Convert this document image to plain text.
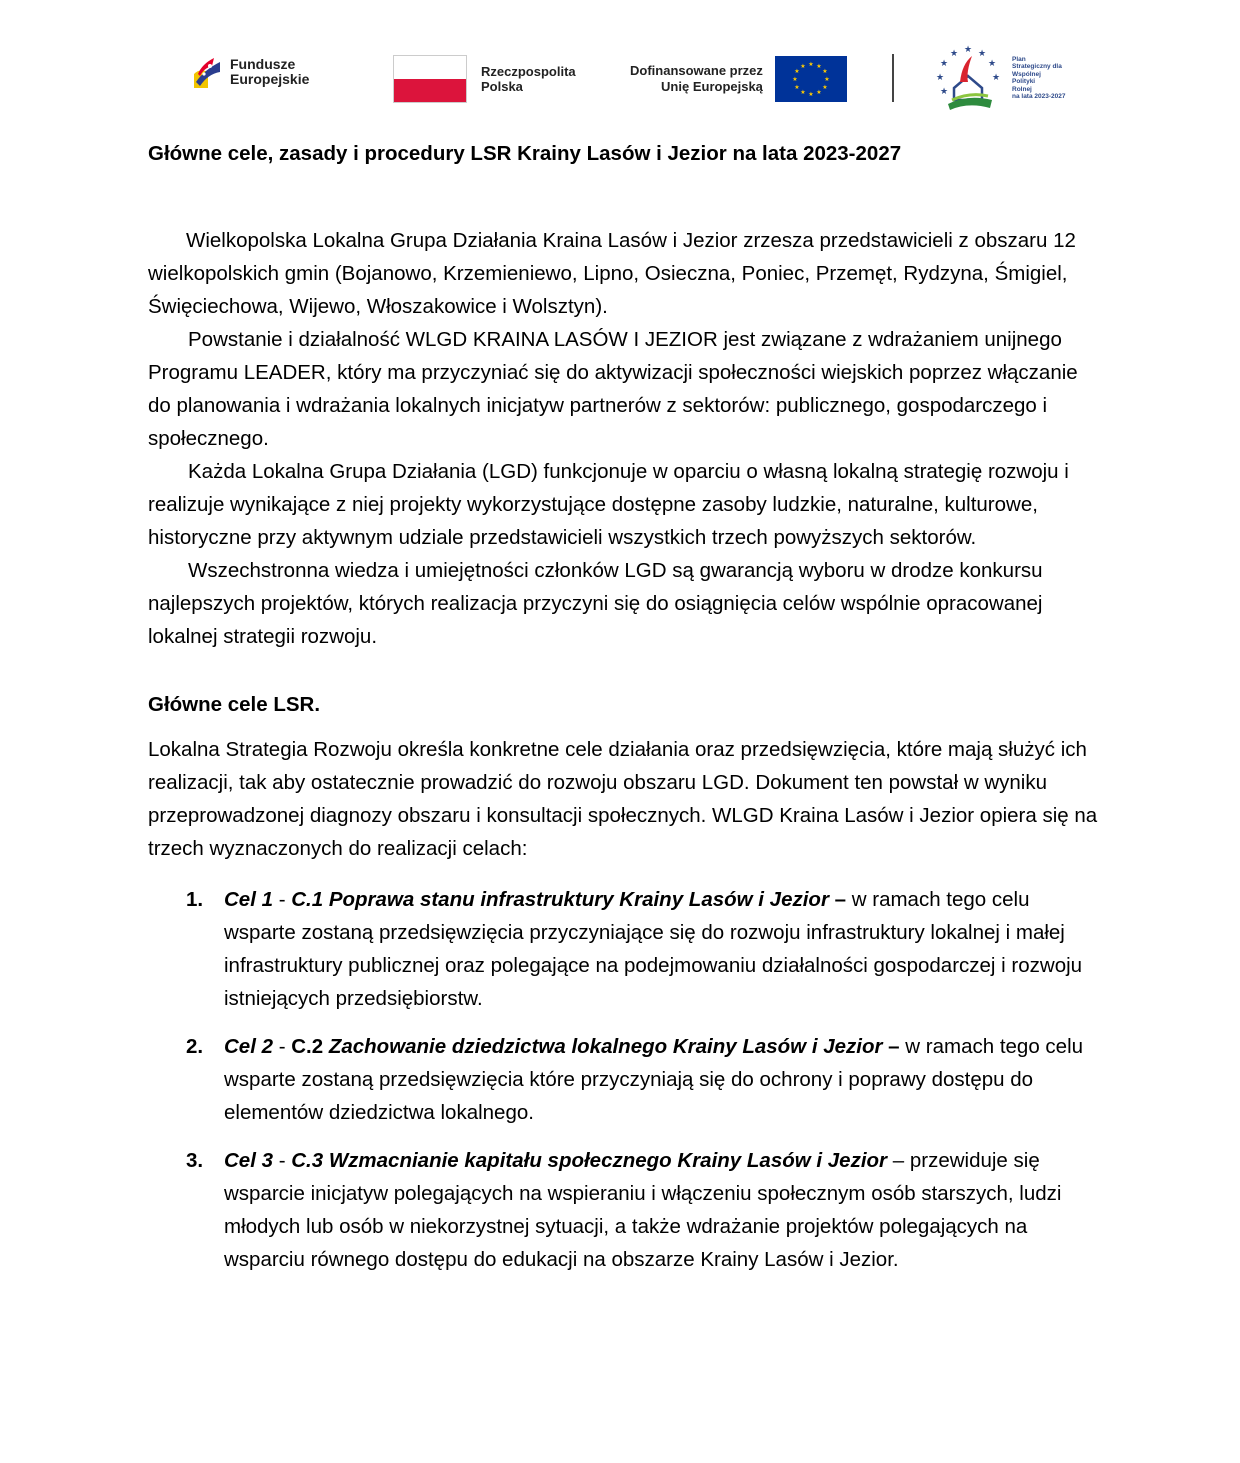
Fundusze
Europejskie	Rzeczpospolita
Polska
Dofinansowane przez
Unię Europejską
★ ★
★
★
★
★
★
★
★
★
★
★
★ ★
★
★
★
★
★
★
Plan
Strategiczny dla
Wspólnej
Polityki
Rolnej
na lata 2023-2027
Główne cele, zasady i procedury LSR Krainy Lasów i Jezior na lata 2023-2027

Wielkopolska Lokalna Grupa Działania Kraina Lasów i Jezior zrzesza przedstawicieli z obszaru 12 wielkopolskich gmin (Bojanowo, Krzemieniewo, Lipno, Osieczna, Poniec, Przemęt, Rydzyna, Śmigiel, Święciechowa, Wijewo, Włoszakowice i Wolsztyn).

Powstanie i działalność WLGD KRAINA LASÓW I JEZIOR jest związane z wdrażaniem unijnego Programu LEADER, który ma przyczyniać się do aktywizacji społeczności wiejskich poprzez włączanie do planowania i wdrażania lokalnych inicjatyw partnerów z sektorów: publicznego, gospodarczego i społecznego.

Każda Lokalna Grupa Działania (LGD) funkcjonuje w oparciu o własną lokalną strategię rozwoju i realizuje wynikające z niej projekty wykorzystujące dostępne zasoby ludzkie, naturalne, kulturowe, historyczne przy aktywnym udziale przedstawicieli wszystkich trzech powyższych sektorów.

Wszechstronna wiedza i umiejętności członków LGD są gwarancją wyboru w drodze konkursu najlepszych projektów, których realizacja przyczyni się do osiągnięcia celów wspólnie opracowanej lokalnej strategii rozwoju.

Główne cele LSR.

Lokalna Strategia Rozwoju określa konkretne cele działania oraz przedsięwzięcia, które mają służyć ich realizacji, tak aby ostatecznie prowadzić do rozwoju obszaru LGD. Dokument ten powstał w wyniku przeprowadzonej diagnozy obszaru i konsultacji społecznych. WLGD Kraina Lasów i Jezior opiera się na trzech wyznaczonych do realizacji celach:

1. Cel 1 - C.1 Poprawa stanu infrastruktury Krainy Lasów i Jezior – w ramach tego celu wsparte zostaną przedsięwzięcia przyczyniające się do rozwoju infrastruktury lokalnej i małej infrastruktury publicznej oraz polegające na podejmowaniu działalności gospodarczej i rozwoju istniejących przedsiębiorstw.
2. Cel 2 - C.2 Zachowanie dziedzictwa lokalnego Krainy Lasów i Jezior – w ramach tego celu wsparte zostaną przedsięwzięcia które przyczyniają się do ochrony i poprawy dostępu do elementów dziedzictwa lokalnego.
3. Cel 3 - C.3 Wzmacnianie kapitału społecznego Krainy Lasów i Jezior – przewiduje się wsparcie inicjatyw polegających na wspieraniu i włączeniu społecznym osób starszych, ludzi młodych lub osób w niekorzystnej sytuacji, a także wdrażanie projektów polegających na wsparciu równego dostępu do edukacji na obszarze Krainy Lasów i Jezior.
